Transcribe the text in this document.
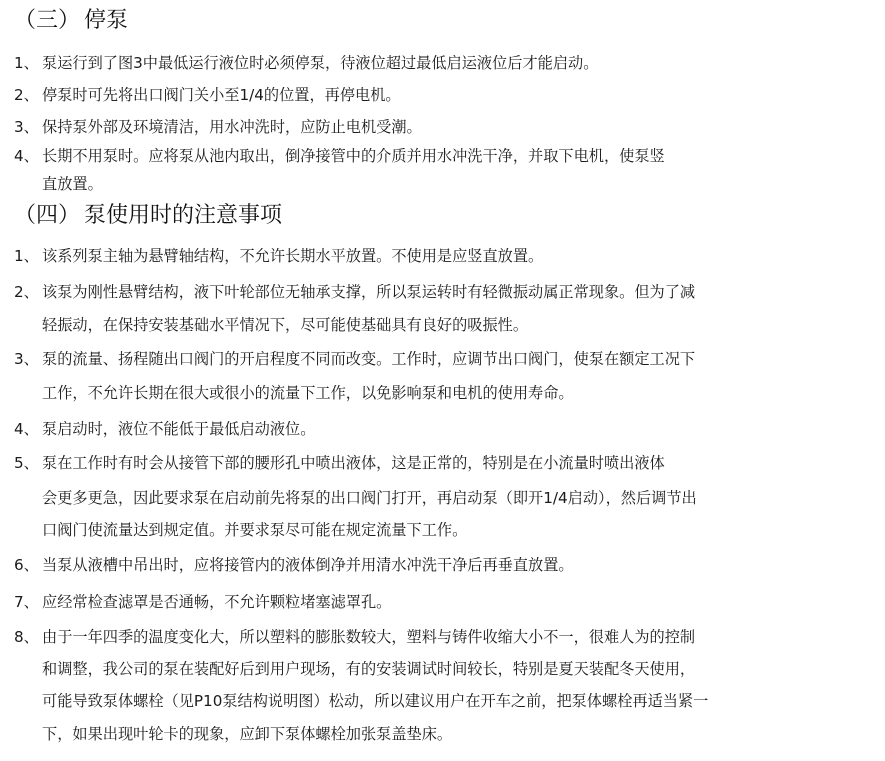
（三） 停泵
1、 泵运行到了图3中最低运行液位时必须停泵，待液位超过最低启运液位后才能启动。
2、 停泵时可先将出口阀门关小至1/4的位置，再停电机。
3、 保持泵外部及环境清洁，用水冲洗时，应防止电机受潮。
4、 长期不用泵时。应将泵从池内取出，倒净接管中的介质并用水冲洗干净，并取下电机，使泵竖
直放置。
（四） 泵使用时的注意事项
1、 该系列泵主轴为悬臂轴结构，不允许长期水平放置。不使用是应竖直放置。
2、 该泵为刚性悬臂结构，液下叶轮部位无轴承支撑，所以泵运转时有轻微振动属正常现象。但为了减
轻振动，在保持安装基础水平情况下，尽可能使基础具有良好的吸振性。
3、 泵的流量、扬程随出口阀门的开启程度不同而改变。工作时，应调节出口阀门，使泵在额定工况下
工作，不允许长期在很大或很小的流量下工作，以免影响泵和电机的使用寿命。
4、 泵启动时，液位不能低于最低启动液位。
5、 泵在工作时有时会从接管下部的腰形孔中喷出液体，这是正常的，特别是在小流量时喷出液体
会更多更急，因此要求泵在启动前先将泵的出口阀门打开，再启动泵（即开1/4启动），然后调节出
口阀门使流量达到规定值。并要求泵尽可能在规定流量下工作。
6、 当泵从液槽中吊出时，应将接管内的液体倒净并用清水冲洗干净后再垂直放置。
7、 应经常检查滤罩是否通畅，不允许颗粒堵塞滤罩孔。
8、 由于一年四季的温度变化大，所以塑料的膨胀数较大，塑料与铸件收缩大小不一，很难人为的控制
和调整，我公司的泵在装配好后到用户现场，有的安装调试时间较长，特别是夏天装配冬天使用，
可能导致泵体螺栓（见P10泵结构说明图）松动，所以建议用户在开车之前，把泵体螺栓再适当紧一
下，如果出现叶轮卡的现象，应卸下泵体螺栓加张泵盖垫床。
